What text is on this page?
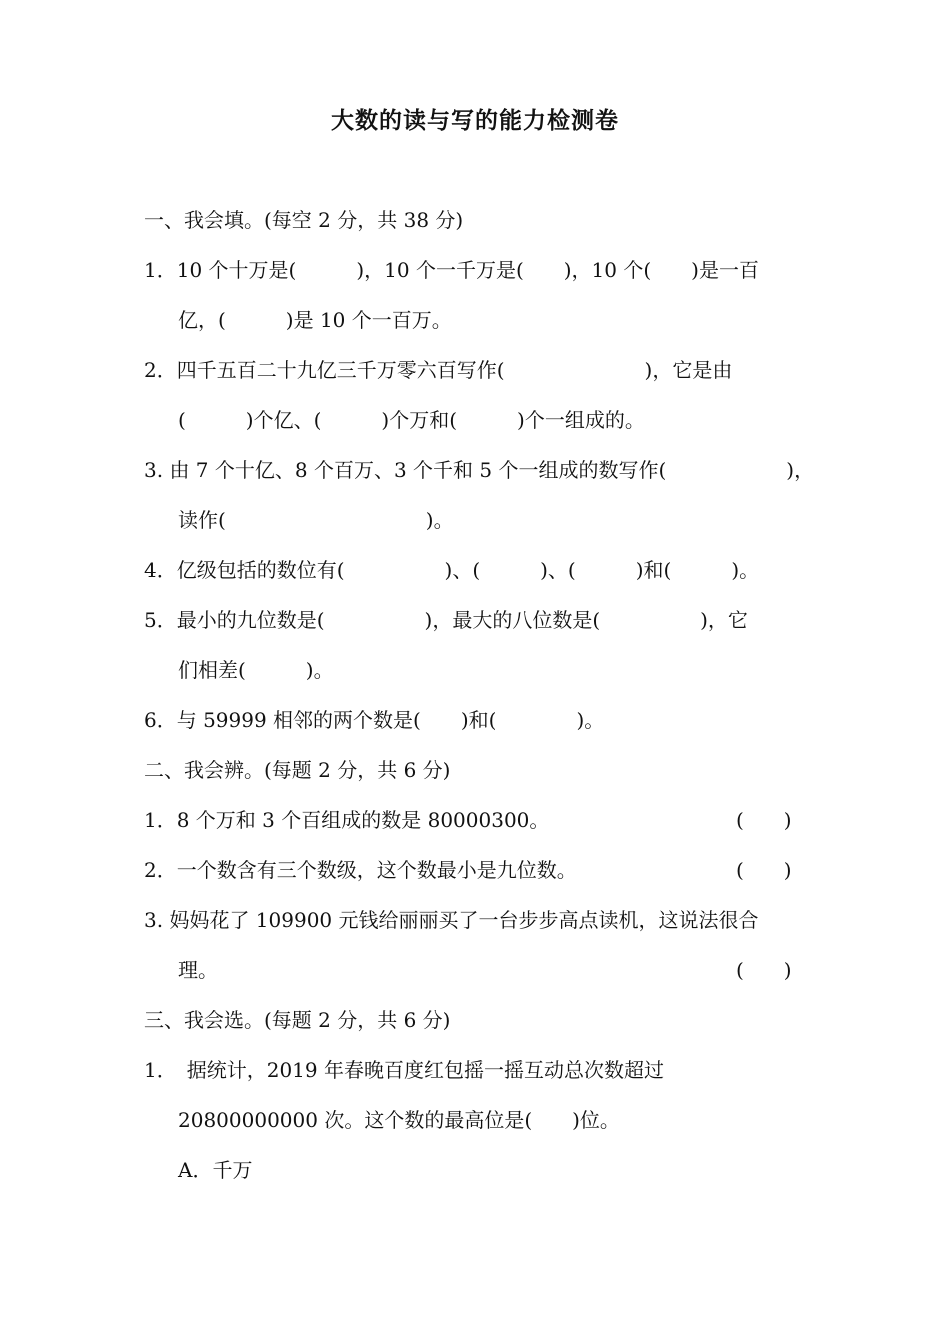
大数的读与写的能力检测卷
一、我会填。(每空 2 分，共 38 分)
1．10 个十万是(　　　)，10 个一千万是(　　)，10 个(　　)是一百
亿，(　　　)是 10 个一百万。
2．四千五百二十九亿三千万零六百写作(　　　　　　　)，它是由
(　　　)个亿、(　　　)个万和(　　　)个一组成的。
3. 由 7 个十亿、8 个百万、3 个千和 5 个一组成的数写作(　　　　　　)，
读作(　　　　　　　　　　)。
4．亿级包括的数位有(　　　　　)、(　　　)、(　　　)和(　　　)。
5．最小的九位数是(　　　　　)，最大的八位数是(　　　　　)，它
们相差(　　　)。
6．与 59999 相邻的两个数是(　　)和(　　　　)。
二、我会辨。(每题 2 分，共 6 分)
1．8 个万和 3 个百组成的数是 80000300。	(　　)
2．一个数含有三个数级，这个数最小是九位数。	(　　)
3. 妈妈花了 109900 元钱给丽丽买了一台步步高点读机，这说法很合
理。	(　　)
三、我会选。(每题 2 分，共 6 分)
1．　据统计，2019 年春晚百度红包摇一摇互动总次数超过
20800000000 次。这个数的最高位是(　　)位。
A．千万
